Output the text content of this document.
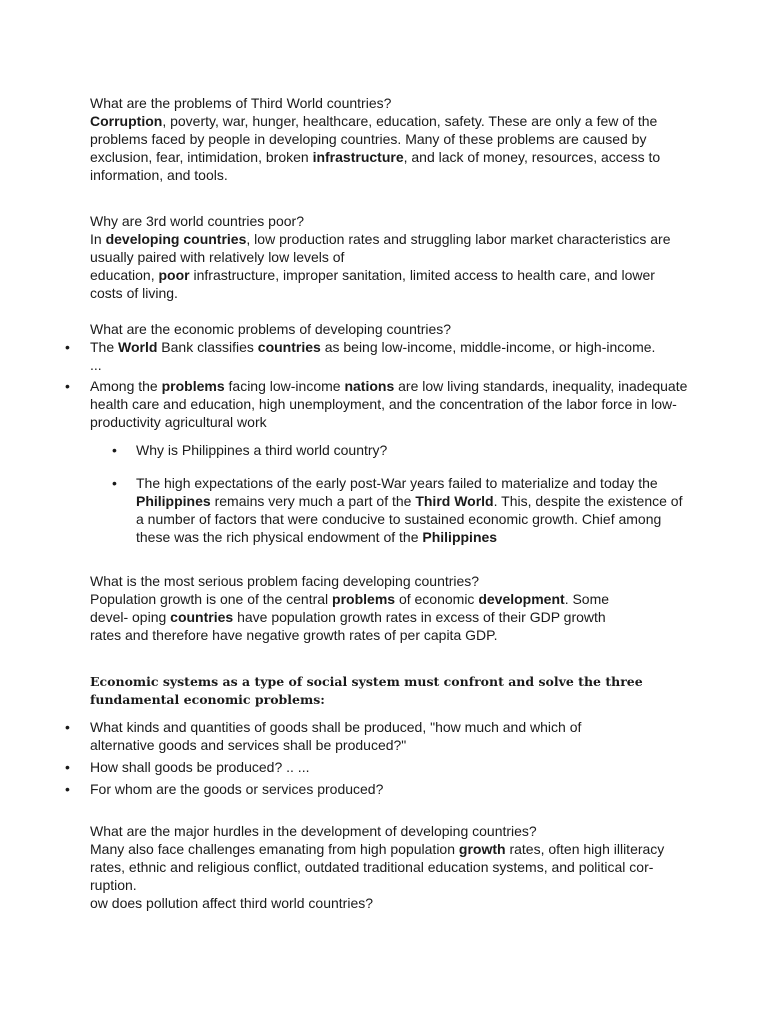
What are the problems of Third World countries?

Corruption, poverty, war, hunger, healthcare, education, safety. These are only a few of the problems faced by people in developing countries. Many of these problems are caused by exclusion, fear, intimidation, broken infrastructure, and lack of money, resources, access to information, and tools.

Why are 3rd world countries poor?

In developing countries, low production rates and struggling labor market characteristics are usually paired with relatively low levels of

education, poor infrastructure, improper sanitation, limited access to health care, and lower costs of living.

What are the economic problems of developing countries?
• The World Bank classifies countries as being low-income, middle-income, or high-income. ...
• Among the problems facing low-income nations are low living standards, inequality, inadequate health care and education, high unemployment, and the concentration of the labor force in low-productivity agricultural work
• Why is Philippines a third world country?
• The high expectations of the early post-War years failed to materialize and today the Philippines remains very much a part of the Third World. This, despite the existence of a number of factors that were conducive to sustained economic growth. Chief among these was the rich physical endowment of the Philippines

What is the most serious problem facing developing countries?

Population growth is one of the central problems of economic development. Some devel- oping countries have population growth rates in excess of their GDP growth rates and therefore have negative growth rates of per capita GDP.

Economic systems as a type of social system must confront and solve the three fundamental economic problems:
• What kinds and quantities of goods shall be produced, "how much and which of alternative goods and services shall be produced?"
• How shall goods be produced? .. ...
• For whom are the goods or services produced?

What are the major hurdles in the development of developing countries?

Many also face challenges emanating from high population growth rates, often high illiteracy rates, ethnic and religious conflict, outdated traditional education systems, and political cor-ruption.

ow does pollution affect third world countries?
